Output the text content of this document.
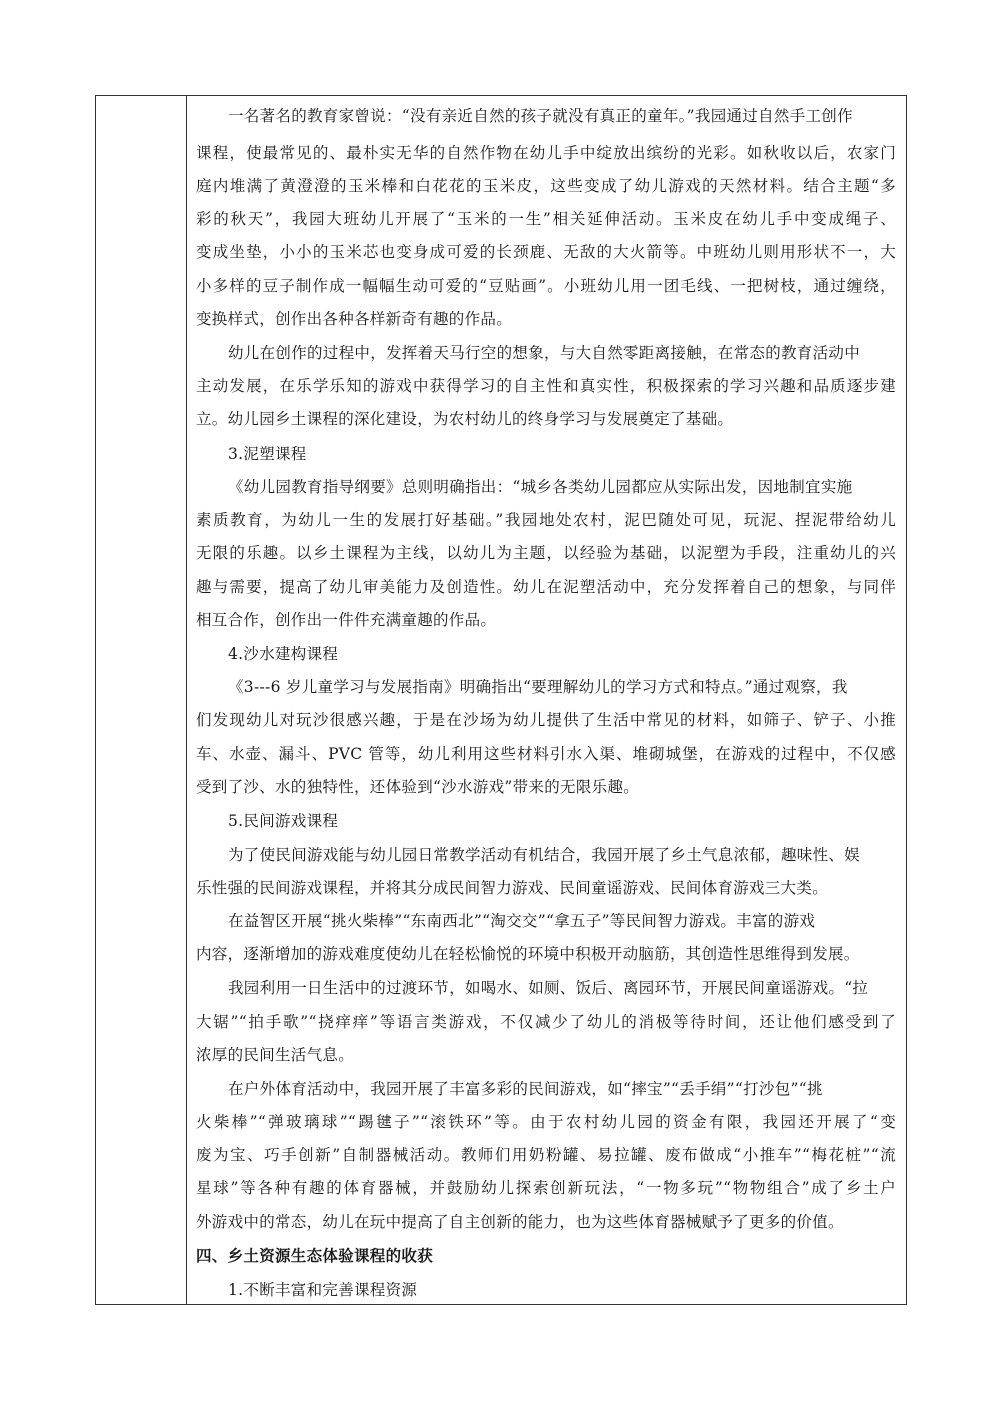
一名著名的教育家曾说：“没有亲近自然的孩子就没有真正的童年。”我园通过自然手工创作
课程，使最常见的、最朴实无华的自然作物在幼儿手中绽放出缤纷的光彩。如秋收以后，农家门
庭内堆满了黄澄澄的玉米棒和白花花的玉米皮，这些变成了幼儿游戏的天然材料。结合主题“多
彩的秋天”，我园大班幼儿开展了“玉米的一生”相关延伸活动。玉米皮在幼儿手中变成绳子、
变成坐垫，小小的玉米芯也变身成可爱的长颈鹿、无敌的大火箭等。中班幼儿则用形状不一，大
小多样的豆子制作成一幅幅生动可爱的“豆贴画”。小班幼儿用一团毛线、一把树枝，通过缠绕，
变换样式，创作出各种各样新奇有趣的作品。
幼儿在创作的过程中，发挥着天马行空的想象，与大自然零距离接触，在常态的教育活动中
主动发展，在乐学乐知的游戏中获得学习的自主性和真实性，积极探索的学习兴趣和品质逐步建
立。幼儿园乡土课程的深化建设，为农村幼儿的终身学习与发展奠定了基础。
3.泥塑课程
《幼儿园教育指导纲要》总则明确指出：“城乡各类幼儿园都应从实际出发，因地制宜实施
素质教育，为幼儿一生的发展打好基础。”我园地处农村，泥巴随处可见，玩泥、捏泥带给幼儿
无限的乐趣。以乡土课程为主线，以幼儿为主题，以经验为基础，以泥塑为手段，注重幼儿的兴
趣与需要，提高了幼儿审美能力及创造性。幼儿在泥塑活动中，充分发挥着自己的想象，与同伴
相互合作，创作出一件件充满童趣的作品。
4.沙水建构课程
《3---6 岁儿童学习与发展指南》明确指出“要理解幼儿的学习方式和特点。”通过观察，我
们发现幼儿对玩沙很感兴趣，于是在沙场为幼儿提供了生活中常见的材料，如筛子、铲子、小推
车、水壶、漏斗、PVC 管等，幼儿利用这些材料引水入渠、堆砌城堡，在游戏的过程中，不仅感
受到了沙、水的独特性，还体验到“沙水游戏”带来的无限乐趣。
5.民间游戏课程
为了使民间游戏能与幼儿园日常教学活动有机结合，我园开展了乡土气息浓郁，趣味性、娱
乐性强的民间游戏课程，并将其分成民间智力游戏、民间童谣游戏、民间体育游戏三大类。
在益智区开展“挑火柴棒”“东南西北”“淘交交”“拿五子”等民间智力游戏。丰富的游戏
内容，逐渐增加的游戏难度使幼儿在轻松愉悦的环境中积极开动脑筋，其创造性思维得到发展。
我园利用一日生活中的过渡环节，如喝水、如厕、饭后、离园环节，开展民间童谣游戏。“拉
大锯”“拍手歌”“挠痒痒”等语言类游戏，不仅减少了幼儿的消极等待时间，还让他们感受到了
浓厚的民间生活气息。
在户外体育活动中，我园开展了丰富多彩的民间游戏，如“摔宝”“丢手绢”“打沙包”“挑
火柴棒”“弹玻璃球”“踢毽子”“滚铁环”等。由于农村幼儿园的资金有限，我园还开展了“变
废为宝、巧手创新”自制器械活动。教师们用奶粉罐、易拉罐、废布做成“小推车”“梅花桩”“流
星球”等各种有趣的体育器械，并鼓励幼儿探索创新玩法，“一物多玩”“物物组合”成了乡土户
外游戏中的常态，幼儿在玩中提高了自主创新的能力，也为这些体育器械赋予了更多的价值。
四、乡土资源生态体验课程的收获
1.不断丰富和完善课程资源
